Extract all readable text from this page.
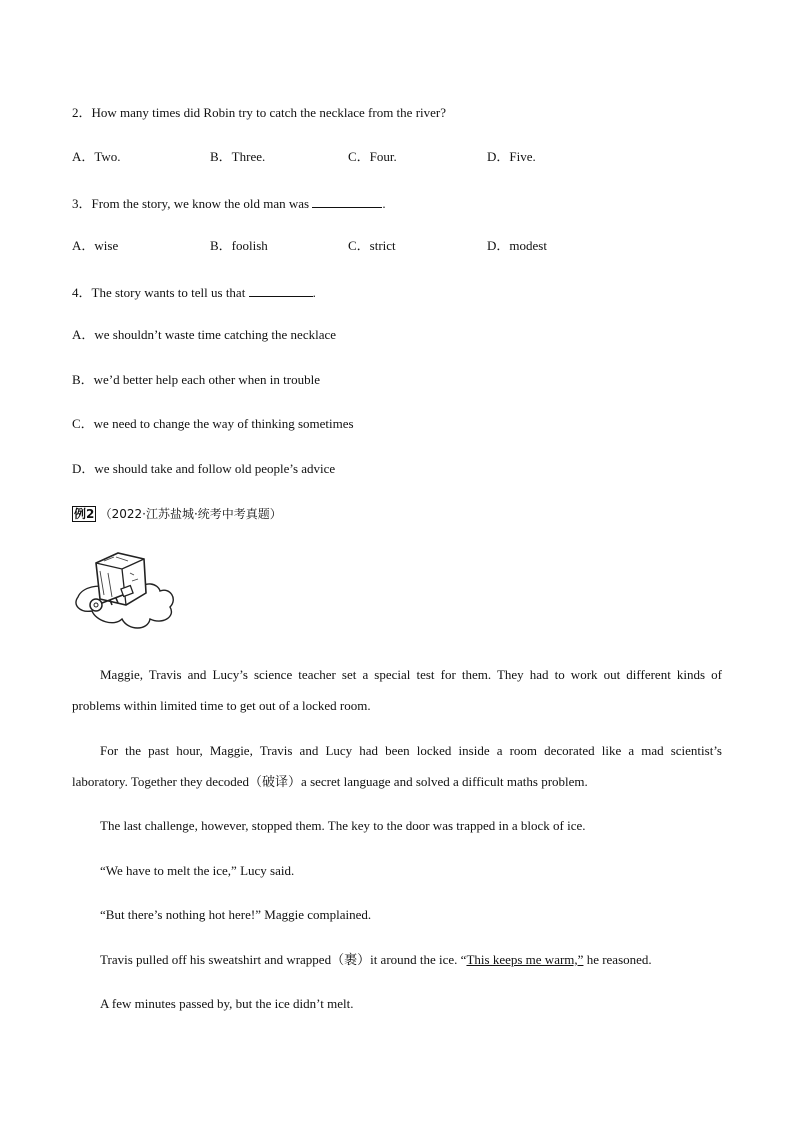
2．How many times did Robin try to catch the necklace from the river?
A．Two.	B．Three.	C．Four.	D．Five.
3．From the story, we know the old man was	.
A．wise	B．foolish	C．strict	D．modest
4．The story wants to tell us that	.
A．we shouldn’t waste time catching the necklace
B．we’d better help each other when in trouble
C．we need to change the way of thinking sometimes
D．we should take and follow old people’s advice
例2 （2022·江苏盐城·统考中考真题）
Maggie, Travis and Lucy’s science teacher set a special test for them. They had to work out different kinds of
problems within limited time to get out of a locked room.
For the past hour, Maggie, Travis and Lucy had been locked inside a room decorated like a mad scientist’s
laboratory. Together they decoded（破译）a secret language and solved a difficult maths problem.
The last challenge, however, stopped them. The key to the door was trapped in a block of ice.
“We have to melt the ice,” Lucy said.
“But there’s nothing hot here!” Maggie complained.
Travis pulled off his sweatshirt and wrapped（裹）it around the ice. “This keeps me warm,” he reasoned.
A few minutes passed by, but the ice didn’t melt.
